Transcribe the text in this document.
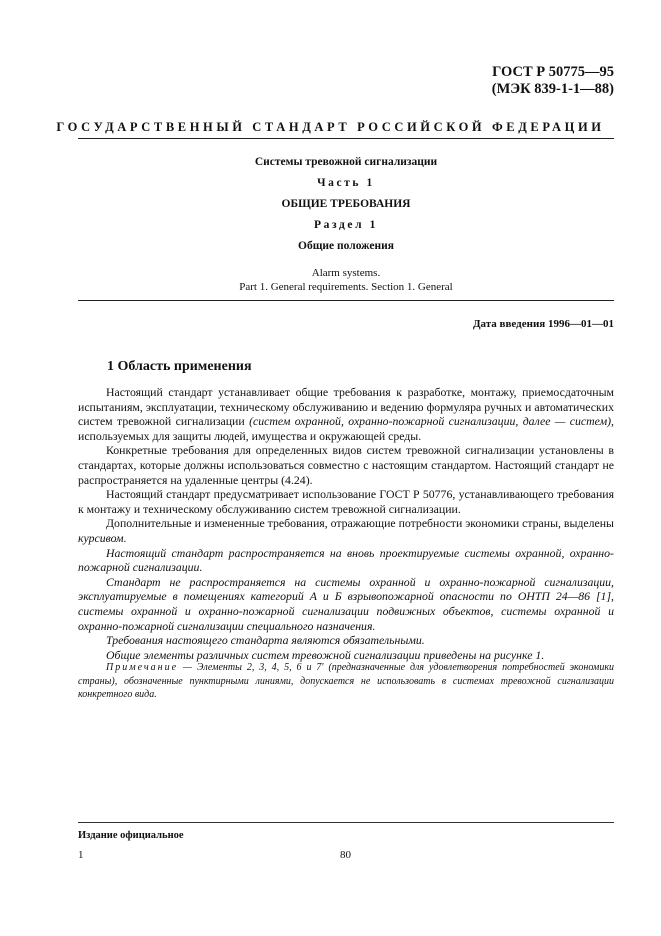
ГОСТ Р 50775—95
(МЭК 839-1-1—88)
ГОСУДАРСТВЕННЫЙ СТАНДАРТ РОССИЙСКОЙ ФЕДЕРАЦИИ
Системы тревожной сигнализации
Часть 1
ОБЩИЕ ТРЕБОВАНИЯ
Раздел 1
Общие положения
Alarm systems.
Part 1. General requirements. Section 1. General
Дата введения 1996—01—01
1 Область применения

Настоящий стандарт устанавливает общие требования к разработке, монтажу, приемосдаточным испытаниям, эксплуатации, техническому обслуживанию и ведению формуляра ручных и автоматических систем тревожной сигнализации (систем охранной, охранно-пожарной сигнализации, далее — систем), используемых для защиты людей, имущества и окружающей среды.

Конкретные требования для определенных видов систем тревожной сигнализации установлены в стандартах, которые должны использоваться совместно с настоящим стандартом. Настоящий стандарт не распространяется на удаленные центры (4.24).

Настоящий стандарт предусматривает использование ГОСТ Р 50776, устанавливающего требования к монтажу и техническому обслуживанию систем тревожной сигнализации.

Дополнительные и измененные требования, отражающие потребности экономики страны, выделены курсивом.

Настоящий стандарт распространяется на вновь проектируемые системы охранной, охранно-пожарной сигнализации.

Стандарт не распространяется на системы охранной и охранно-пожарной сигнализации, эксплуатируемые в помещениях категорий А и Б взрывопожарной опасности по ОНТП 24—86 [1], системы охранной и охранно-пожарной сигнализации подвижных объектов, системы охранной и охранно-пожарной сигнализации специального назначения.

Требования настоящего стандарта являются обязательными.

Общие элементы различных систем тревожной сигнализации приведены на рисунке 1.

Примечание — Элементы 2, 3, 4, 5, 6 и 7' (предназначенные для удовлетворения потребностей экономики страны), обозначенные пунктирными линиями, допускается не использовать в системах тревожной сигнализации конкретного вида.
Издание официальное
1	80
